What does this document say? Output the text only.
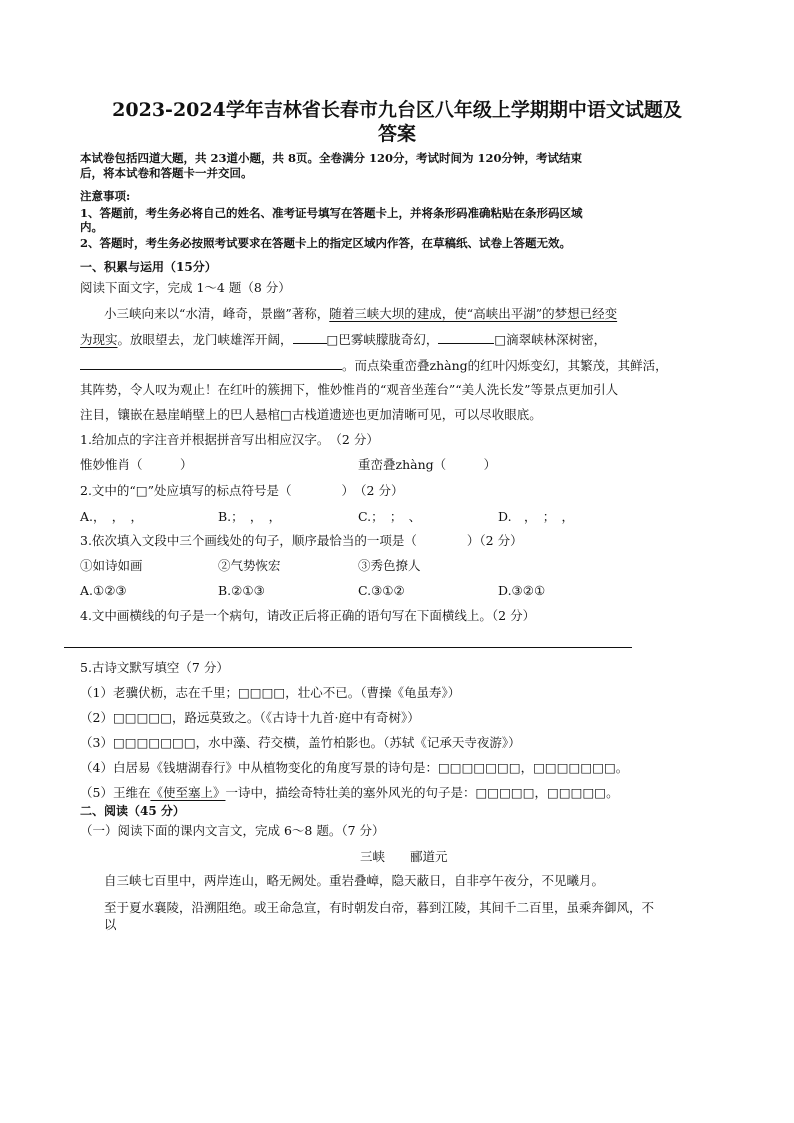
2023-2024学年吉林省长春市九台区八年级上学期期中语文试题及
答案
本试卷包括四道大题，共 23道小题，共 8页。全卷满分 120分，考试时间为 120分钟，考试结束
后，将本试卷和答题卡一并交回。
注意事项:
1、答题前，考生务必将自己的姓名、准考证号填写在答题卡上，并将条形码准确粘贴在条形码区域
内。
2、答题时，考生务必按照考试要求在答题卡上的指定区域内作答，在草稿纸、试卷上答题无效。
一、积累与运用（15分）
阅读下面文字，完成 1～4 题（8 分）
小三峡向来以“水清，峰奇，景幽”著称，随着三峡大坝的建成，使“高峡出平湖”的梦想已经变
为现实。放眼望去，龙门峡雄浑开阔，	□巴雾峡朦胧奇幻，	□滴翠峡林深树密，
。而点染重峦叠zhàng的红叶闪烁变幻，其繁茂，其鲜活，
其阵势，令人叹为观止！在红叶的簇拥下，惟妙惟肖的“观音坐莲台”“美人洗长发”等景点更加引人
注目，镶嵌在悬崖峭壁上的巴人悬棺□古栈道遗迹也更加清晰可见，可以尽收眼底。
1.给加点的字注音并根据拼音写出相应汉字。　（2 分）
惟妙惟肖（　　　）	重峦叠zhàng（　　　）
2.文中的“□”处应填写的标点符号是（　　　　）　（2 分）
A.，　，　，	B.；　，　，	C.；　；　、	D.　，　；　，
3.依次填入文段中三个画线处的句子，顺序最恰当的一项是（　　　　）（2 分）
①如诗如画	②气势恢宏	③秀色撩人
A.①②③	B.②①③	C.③①②	D.③②①
4.文中画横线的句子是一个病句，请改正后将正确的语句写在下面横线上。（2 分）
5.古诗文默写填空（7 分）
（1）老骥伏枥，志在千里；□□□□，壮心不已。（曹操《龟虽寿》）
（2）□□□□□，路远莫致之。（《古诗十九首·庭中有奇树》）
（3）□□□□□□□，水中藻、荇交横，盖竹柏影也。（苏轼《记承天寺夜游》）
（4）白居易《钱塘湖春行》中从植物变化的角度写景的诗句是：□□□□□□□，□□□□□□□。
（5）王维在《使至塞上》一诗中，描绘奇特壮美的塞外风光的句子是：□□□□□，□□□□□。
二、阅读（45 分）
（一）阅读下面的课内文言文，完成 6～8 题。（7 分）
三峡　　郦道元
自三峡七百里中，两岸连山，略无阙处。重岩叠嶂，隐天蔽日，自非亭午夜分，不见曦月。
至于夏水襄陵，沿溯阻绝。或王命急宣，有时朝发白帝，暮到江陵，其间千二百里，虽乘奔御风，不
以
